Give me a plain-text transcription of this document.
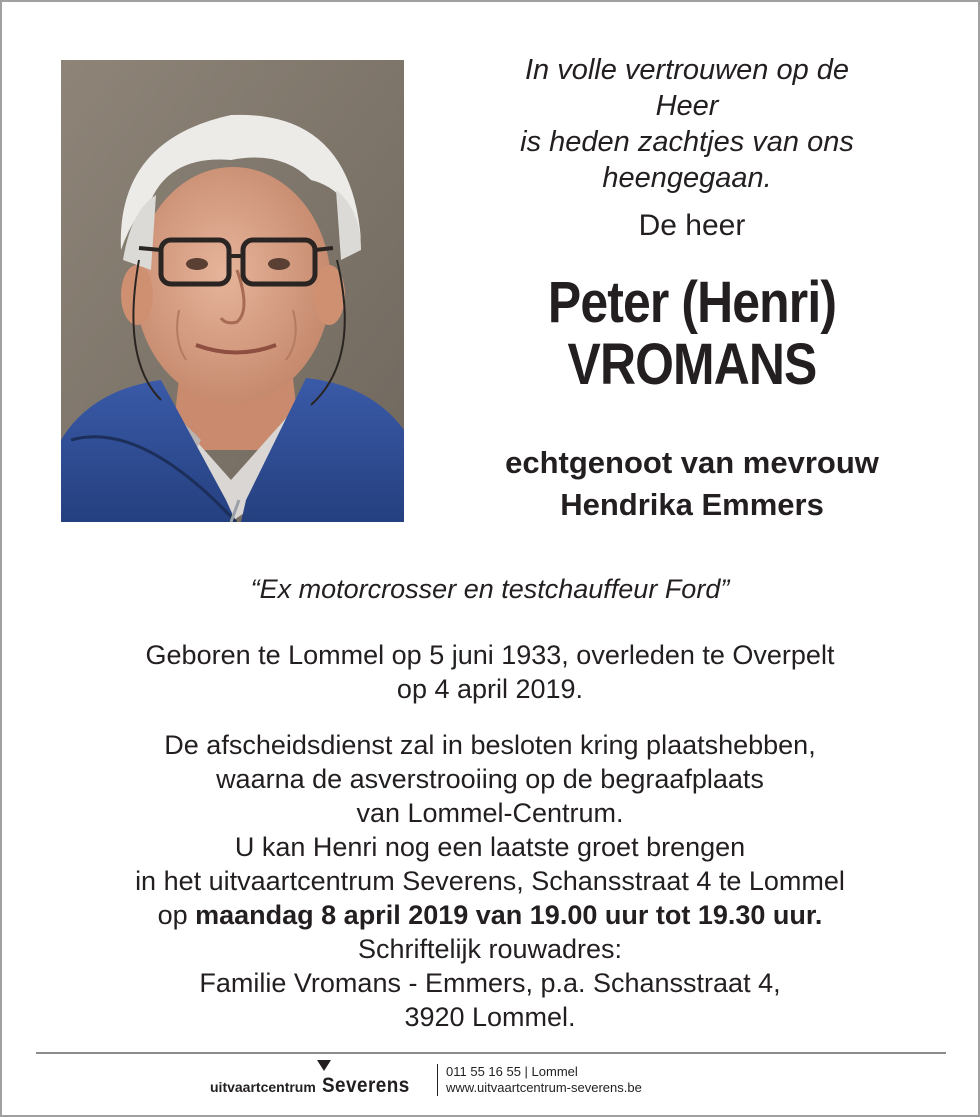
In volle vertrouwen op de Heer
is heden zachtjes van ons
heengegaan.
De heer
Peter (Henri)
VROMANS
echtgenoot van mevrouw
Hendrika Emmers

“Ex motorcrosser en testchauffeur Ford”

Geboren te Lommel op 5 juni 1933, overleden te Overpelt

op 4 april 2019.

De afscheidsdienst zal in besloten kring plaatshebben,

waarna de asverstrooiing op de begraafplaats

van Lommel-Centrum.

U kan Henri nog een laatste groet brengen

in het uitvaartcentrum Severens, Schansstraat 4 te Lommel

op maandag 8 april 2019 van 19.00 uur tot 19.30 uur.

Schriftelijk rouwadres:

Familie Vromans - Emmers, p.a. Schansstraat 4,

3920 Lommel.

uitvaartcentrum Severens
011 55 16 55 | Lommel
www.uitvaartcentrum-severens.be
